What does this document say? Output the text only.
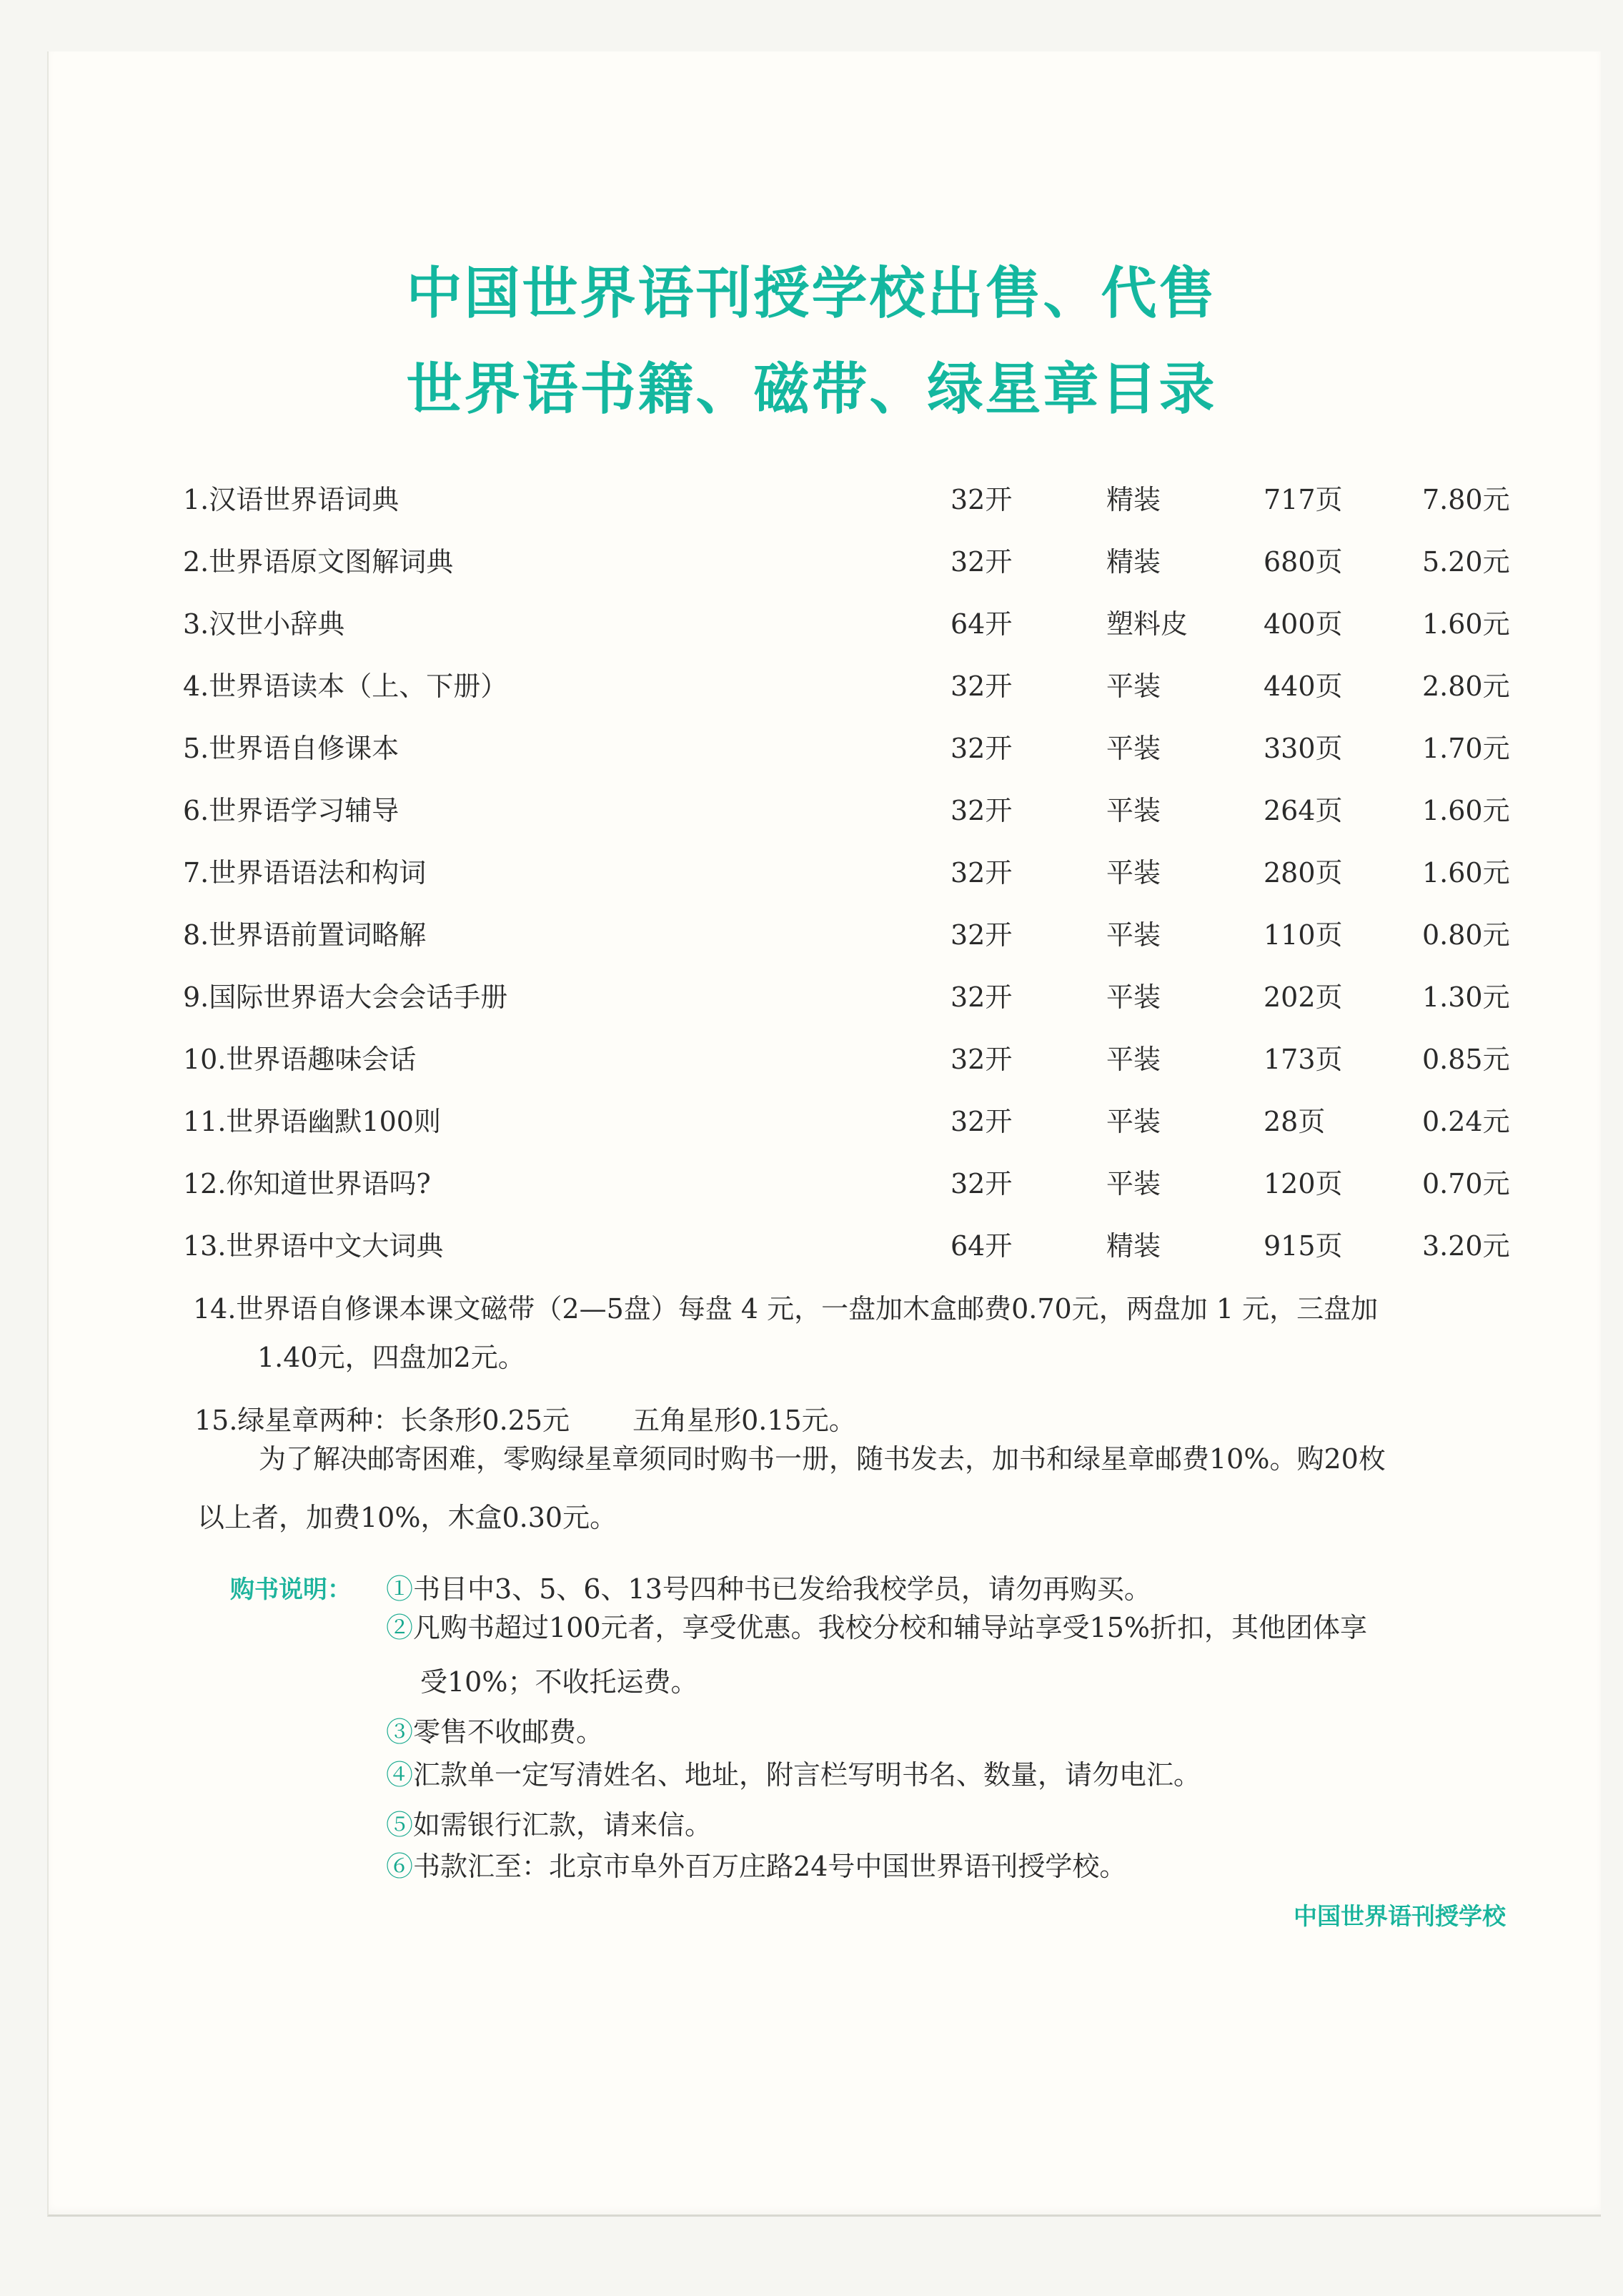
中国世界语刊授学校出售、代售
世界语书籍、磁带、绿星章目录
1.汉语世界语词典	32开	精装	717页	7.80元
2.世界语原文图解词典	32开	精装	680页	5.20元
3.汉世小辞典	64开	塑料皮	400页	1.60元
4.世界语读本（上、下册）	32开	平装	440页	2.80元
5.世界语自修课本	32开	平装	330页	1.70元
6.世界语学习辅导	32开	平装	264页	1.60元
7.世界语语法和构词	32开	平装	280页	1.60元
8.世界语前置词略解	32开	平装	110页	0.80元
9.国际世界语大会会话手册	32开	平装	202页	1.30元
10.世界语趣味会话	32开	平装	173页	0.85元
11.世界语幽默100则	32开	平装	28页	0.24元
12.你知道世界语吗?	32开	平装	120页	0.70元
13.世界语中文大词典	64开	精装	915页	3.20元

14.世界语自修课本课文磁带（2—5盘）每盘 4 元，一盘加木盒邮费0.70元，两盘加 1 元，三盘加

1.40元，四盘加2元。

15.绿星章两种：长条形0.25元　　 五角星形0.15元。

为了解决邮寄困难，零购绿星章须同时购书一册，随书发去，加书和绿星章邮费10%。购20枚

以上者，加费10%，木盒0.30元。

购书说明： ①书目中3、5、6、13号四种书已发给我校学员，请勿再购买。

②凡购书超过100元者，享受优惠。我校分校和辅导站享受15%折扣，其他团体享

受10%；不收托运费。

③零售不收邮费。

④汇款单一定写清姓名、地址，附言栏写明书名、数量，请勿电汇。

⑤如需银行汇款，请来信。

⑥书款汇至：北京市阜外百万庄路24号中国世界语刊授学校。

中国世界语刊授学校
